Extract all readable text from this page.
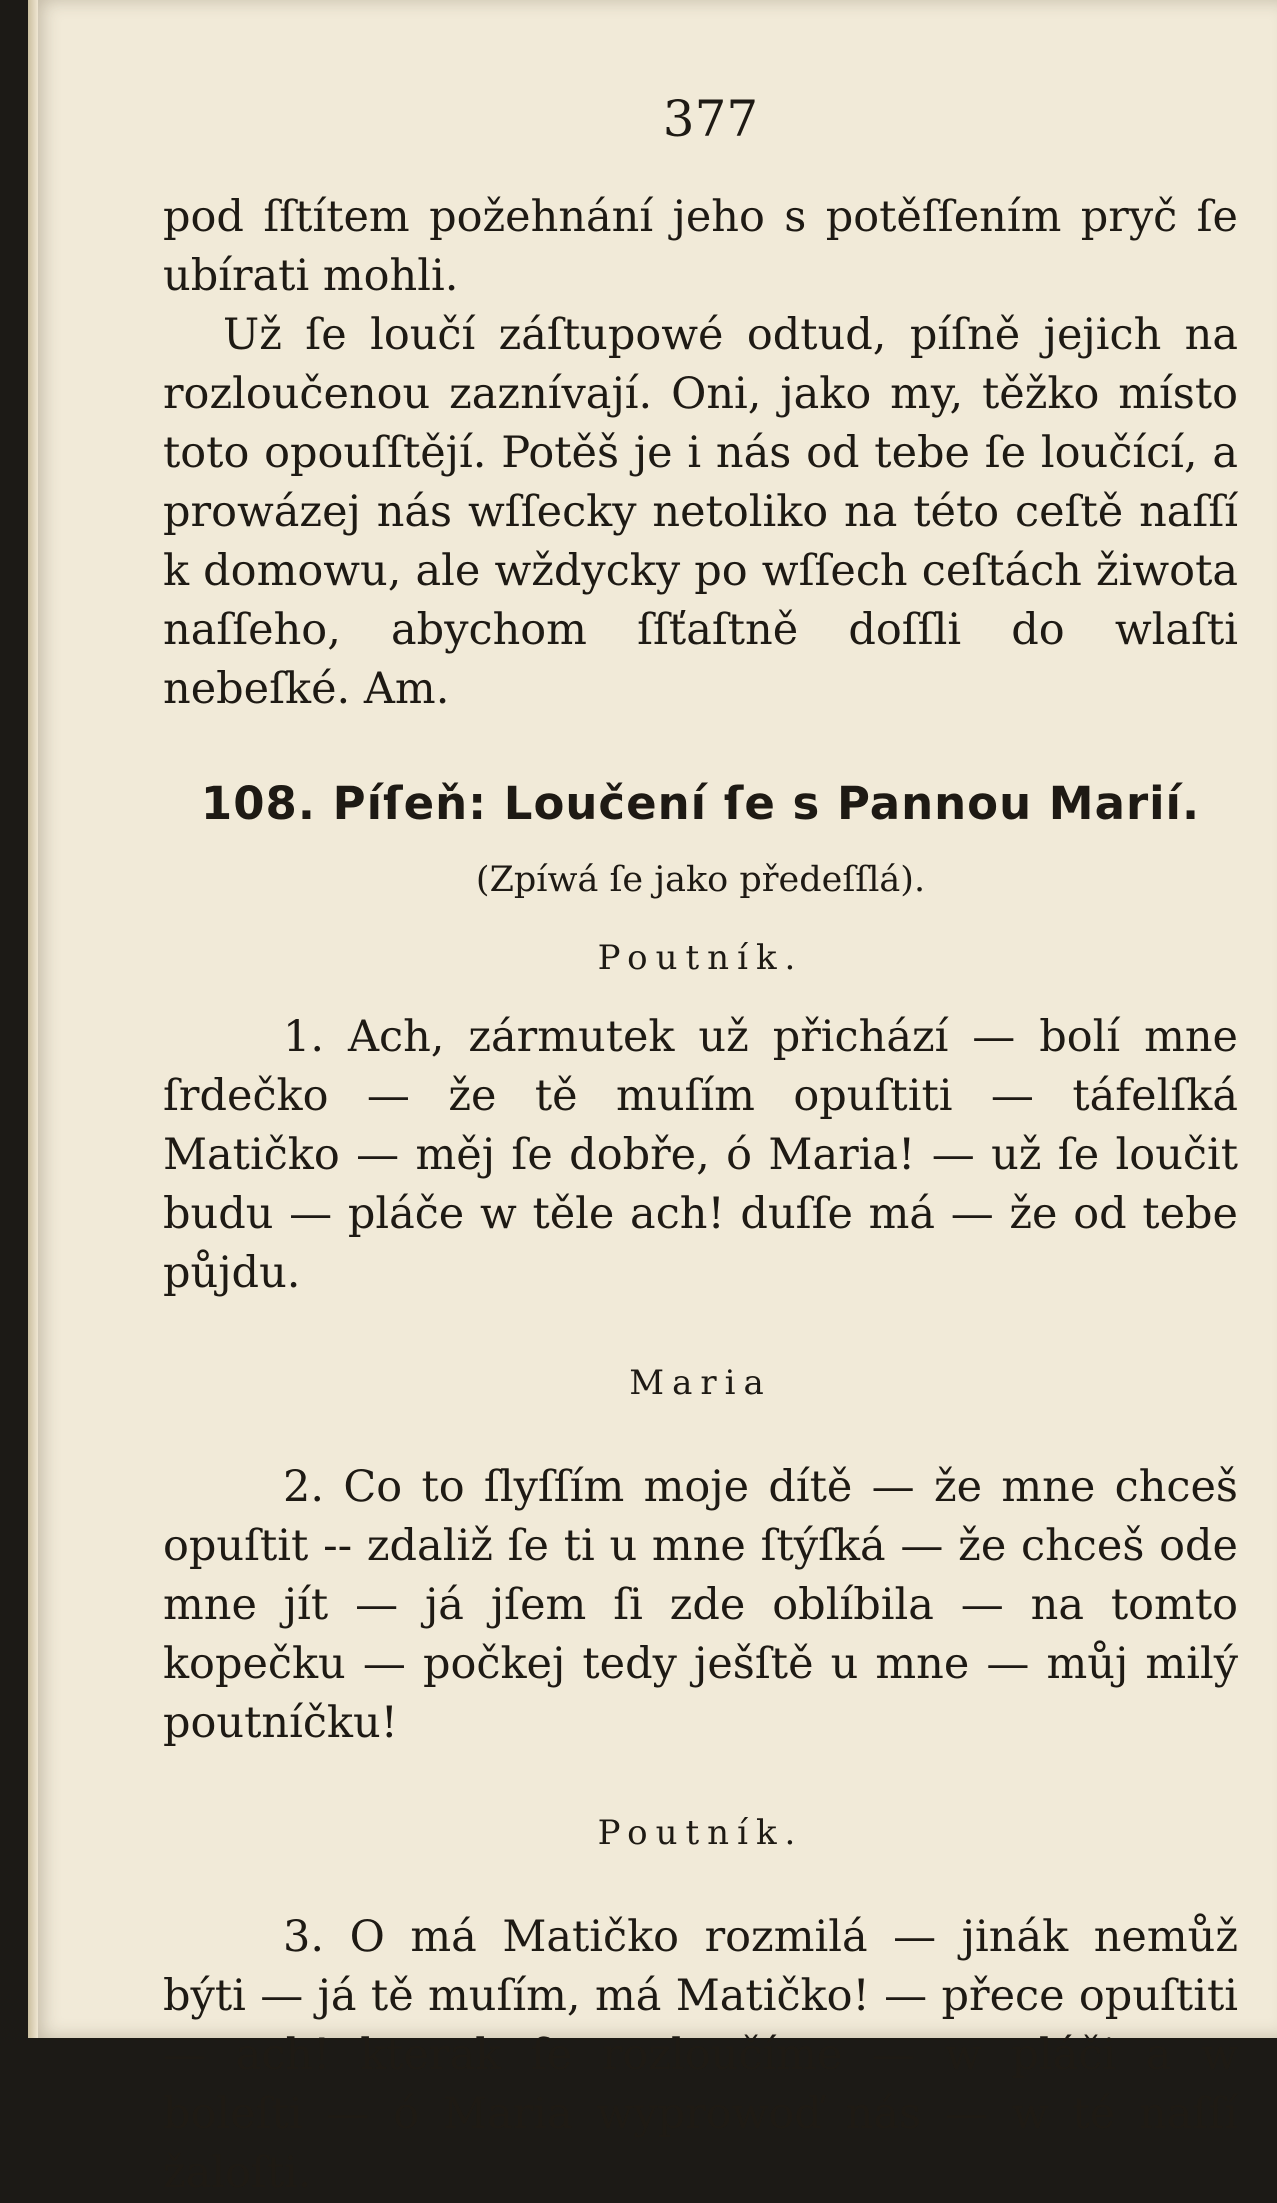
377

pod ſſtítem požehnání jeho s potěſſením pryč ſe ubírati mohli.

Už ſe loučí záſtupowé odtud, píſně jejich na rozloučenou zaznívají. Oni, jako my, těžko místo toto opouſſtějí. Potěš je i nás od tebe ſe loučící, a prowázej nás wſſecky netoliko na této ceſtě naſſí k domowu, ale wždycky po wſſech ceſtách žiwota naſſeho, abychom ſſťaſtně doſſli do wlaſti nebeſké. Am.

108. Píſeň: Loučení ſe s Pannou Marií.
(Zpíwá ſe jako předeſſlá).
Poutník.

1. Ach, zármutek už přichází — bolí mne ſrdečko — že tě muſím opuſtiti — táfelſká Matičko — měj ſe dobře, ó Maria! — už ſe loučit budu — pláče w těle ach! duſſe má — že od tebe půjdu.

Maria

2. Co to ſlyſſím moje dítě — že mne chceš opuſtit -- zdaliž ſe ti u mne ſtýſká — že chceš ode mne jít — já jſem ſi zde oblíbila — na tomto kopečku — počkej tedy ješſtě u mne — můj milý poutníčku!

Poutník.

3. O má Matičko rozmilá — jinák nemůž býti — já tě muſím, má Matičko! — přece opuſtiti — ach! kterak ſe rozloučíme — w pláči a w boleſti — ó Maria wyprowoď nás — w té naſſí žaloſti.
